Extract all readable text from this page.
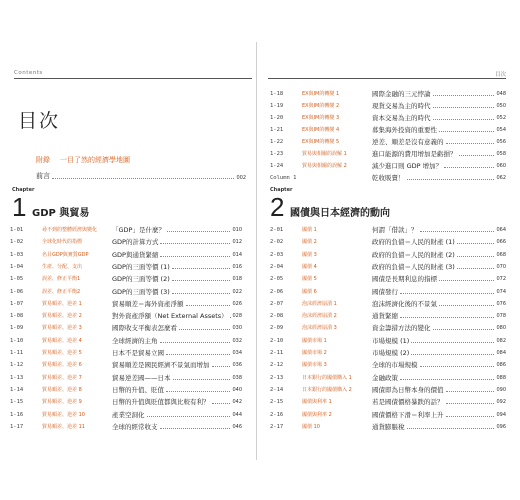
Contents
目次
附錄 一目了然的經濟學地圖
前言	002
Chapter
1 GDP 與貿易
1-01	尋不到的整體經濟與變化	「GDP」是什麼？	010
1-02	全球化時代的指標	GDP的計算方式	012
1-03	名目GDP與實質GDP	GDP與通貨緊縮	014
1-04	生產、分配、支出	GDP的三面等價 (1)	016
1-05	誤差、修正平衡1	GDP的三面等價 (2)	018
1-06	誤差、修正平衡2	GDP的三面等價 (3)	022
1-07	貿易順差、逆差 1	貿易順差＝海外資產淨額	026
1-08	貿易順差、逆差 2	對外資產淨額（Net External Assets） 028
1-09	貿易順差、逆差 3	國際收支平衡表怎麼看	030
1-10	貿易順差、逆差 4	全球經濟的主角	032
1-11	貿易順差、逆差 5	日本不是貿易立國	034
1-12	貿易順差、逆差 6	貿易順差是國民經濟不景氣而增加	036
1-13	貿易順差、逆差 7	貿易逆差國——日本	038
1-14	貿易順差、逆差 8	日幣的升值、貶值	040
1-15	貿易順差、逆差 9	日幣的升值與貶值都與比較有利？	042
1-16	貿易順差、逆差 10	產業空洞化	044
1-17	貿易順差、逆差 11	全球的經常收支	046
目次
1-18	EX與IM的轉變 1	國際金融的三元悖論	048
1-19	EX與IM的轉變 2	現貨交易為主的時代	050
1-20	EX與IM的轉變 3	資本交易為主的時代	052
1-21	EX與IM的轉變 4	募集海外投資的重要性	054
1-22	EX與IM的轉變 5	逆差、順差是沒有意義的	056
1-23	貿易與相關的誤解 1	進口能源的費用增加是虧損？	058
1-24	貿易與相關的誤解 2	減少進口則 GDP 增加？	060
Column 1	乾收販賣！	062
Chapter
2 國債與日本經濟的動向
2-01	國債 1	何謂「借款」？	064
2-02	國債 2	政府的負債＝人民的財產 (1)	066
2-03	國債 3	政府的負債＝人民的財產 (2)	068
2-04	國債 4	政府的負債＝人民的財產 (3)	070
2-05	國債 5	國債是長期利息的指標	072
2-06	國債 6	國債發行	074
2-07	泡沫經濟崩潰 1	泡沫經濟化後的不景氣	076
2-08	泡沫經濟崩潰 2	通貨緊縮	078
2-09	泡沫經濟崩潰 3	資金籌措方法的變化	080
2-10	國債市場 1	市場規模 (1)	082
2-11	國債市場 2	市場規模 (2)	084
2-12	國債市場 3	全球的市場規模	086
2-13	日本銀行的國債購入 1	金融政策	088
2-14	日本銀行的國債購入 2	國債即為日幣本身的價值	090
2-15	國債與利率 1	若是國債價格暴跌的話？	092
2-16	國債與利率 2	國債價格下滑＝利率上升	094
2-17	國債 10	通貨膨脹稅	096
